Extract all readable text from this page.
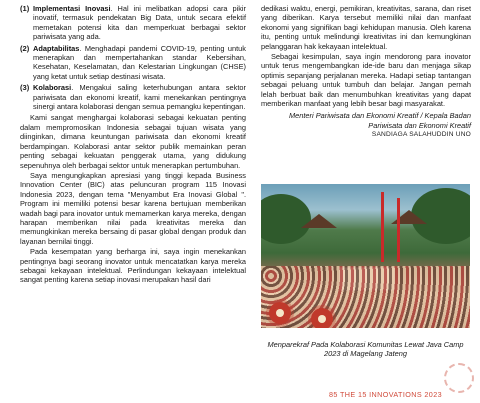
(1) Implementasi Inovasi. Hal ini melibatkan adopsi cara pikir inovatif, termasuk pendekatan Big Data, untuk secara efektif memetakan potensi kita dan memperkuat berbagai sektor pariwisata yang ada.

(2) Adaptabilitas. Menghadapi pandemi COVID-19, penting untuk menerapkan dan mempertahankan standar Kebersihan, Kesehatan, Keselamatan, dan Kelestarian Lingkungan (CHSE) yang ketat untuk setiap destinasi wisata.

(3) Kolaborasi. Mengakui saling keterhubungan antara sektor pariwisata dan ekonomi kreatif, kami menekankan pentingnya sinergi antara kolaborasi dengan semua pemangku kepentingan.

Kami sangat menghargai kolaborasi sebagai kekuatan penting dalam mempromosikan Indonesia sebagai tujuan wisata yang diinginkan, dimana keuntungan pariwisata dan ekonomi kreatif berdampingan. Kolaborasi antar sektor publik memainkan peran penting sebagai kekuatan penggerak utama, yang didukung sepenuhnya oleh berbagai sektor untuk menerapkan pertumbuhan.

Saya mengungkapkan apresiasi yang tinggi kepada Business Innovation Center (BIC) atas peluncuran program 115 Inovasi Indonesia 2023, dengan tema "Menyambut Era Inovasi Global ". Program ini memiliki potensi besar karena bertujuan memberikan wadah bagi para inovator untuk memamerkan karya mereka, dengan harapan memberikan nilai pada kreativitas mereka dan memungkinkan mereka bersaing di pasar global dengan produk dan layanan bernilai tinggi.

Pada kesempatan yang berharga ini, saya ingin menekankan pentingnya bagi seorang inovator untuk mencatatkan karya mereka sebagai kekayaan intelektual. Perlindungan kekayaan intelektual sangat penting karena setiap inovasi merupakan hasil dari

dedikasi waktu, energi, pemikiran, kreativitas, sarana, dan riset yang diberikan. Karya tersebut memiliki nilai dan manfaat ekonomi yang signifikan bagi kehidupan manusia. Oleh karena itu, penting untuk melindungi kreativitas ini dan kemungkinan pelanggaran hak kekayaan intelektual.

Sebagai kesimpulan, saya ingin mendorong para inovator untuk terus mengembangkan ide-ide baru dan menjaga sikap optimis sepanjang perjalanan mereka. Hadapi setiap tantangan sebagai peluang untuk tumbuh dan belajar. Jangan pernah lelah berbuat baik dan menumbuhkan kreativitas yang dapat memberikan manfaat yang lebih besar bagi masyarakat.

Menteri Pariwisata dan Ekonomi Kreatif / Kepala Badan Pariwisata dan Ekonomi Kreatif
SANDIAGA SALAHUDDIN UNO
Menparekraf Pada Kolaborasi Komunitas Lewat Java Camp 2023 di Magelang Jateng
85 THE 15 INNOVATIONS 2023
